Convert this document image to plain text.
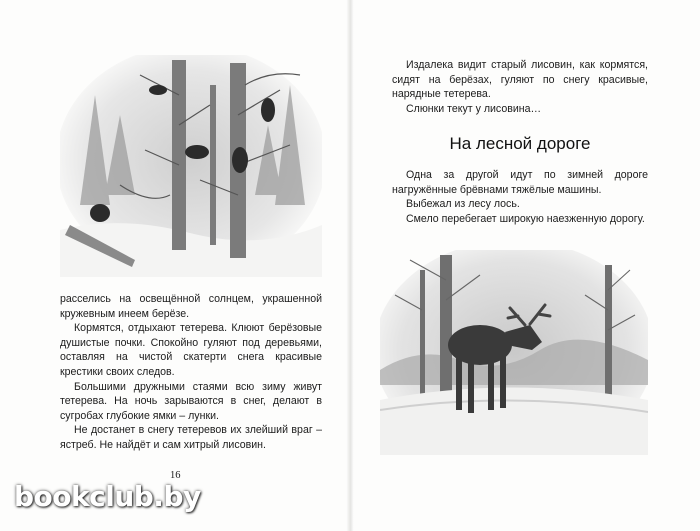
расселись на освещённой солнцем, украшенной кружевным инеем берёзе.

Кормятся, отдыхают тетерева. Клюют берёзовые душистые почки. Спокойно гуляют под деревьями, оставляя на чистой скатерти снега красивые крестики своих следов.

Большими дружными стаями всю зиму живут тетерева. На ночь зарываются в снег, делают в сугробах глубокие ямки – лунки.

Не достанет в снегу тетеревов их злейший враг – ястреб. Не найдёт и сам хитрый лисовин.

16

Издалека видит старый лисовин, как кормятся, сидят на берёзах, гуляют по снегу красивые, нарядные тетерева.

Слюнки текут у лисовина…

На лесной дороге

Одна за другой идут по зимней дороге нагружённые брёвнами тяжёлые машины.

Выбежал из лесу лось.

Смело перебегает широкую наезженную дорогу.

bookclub.by
